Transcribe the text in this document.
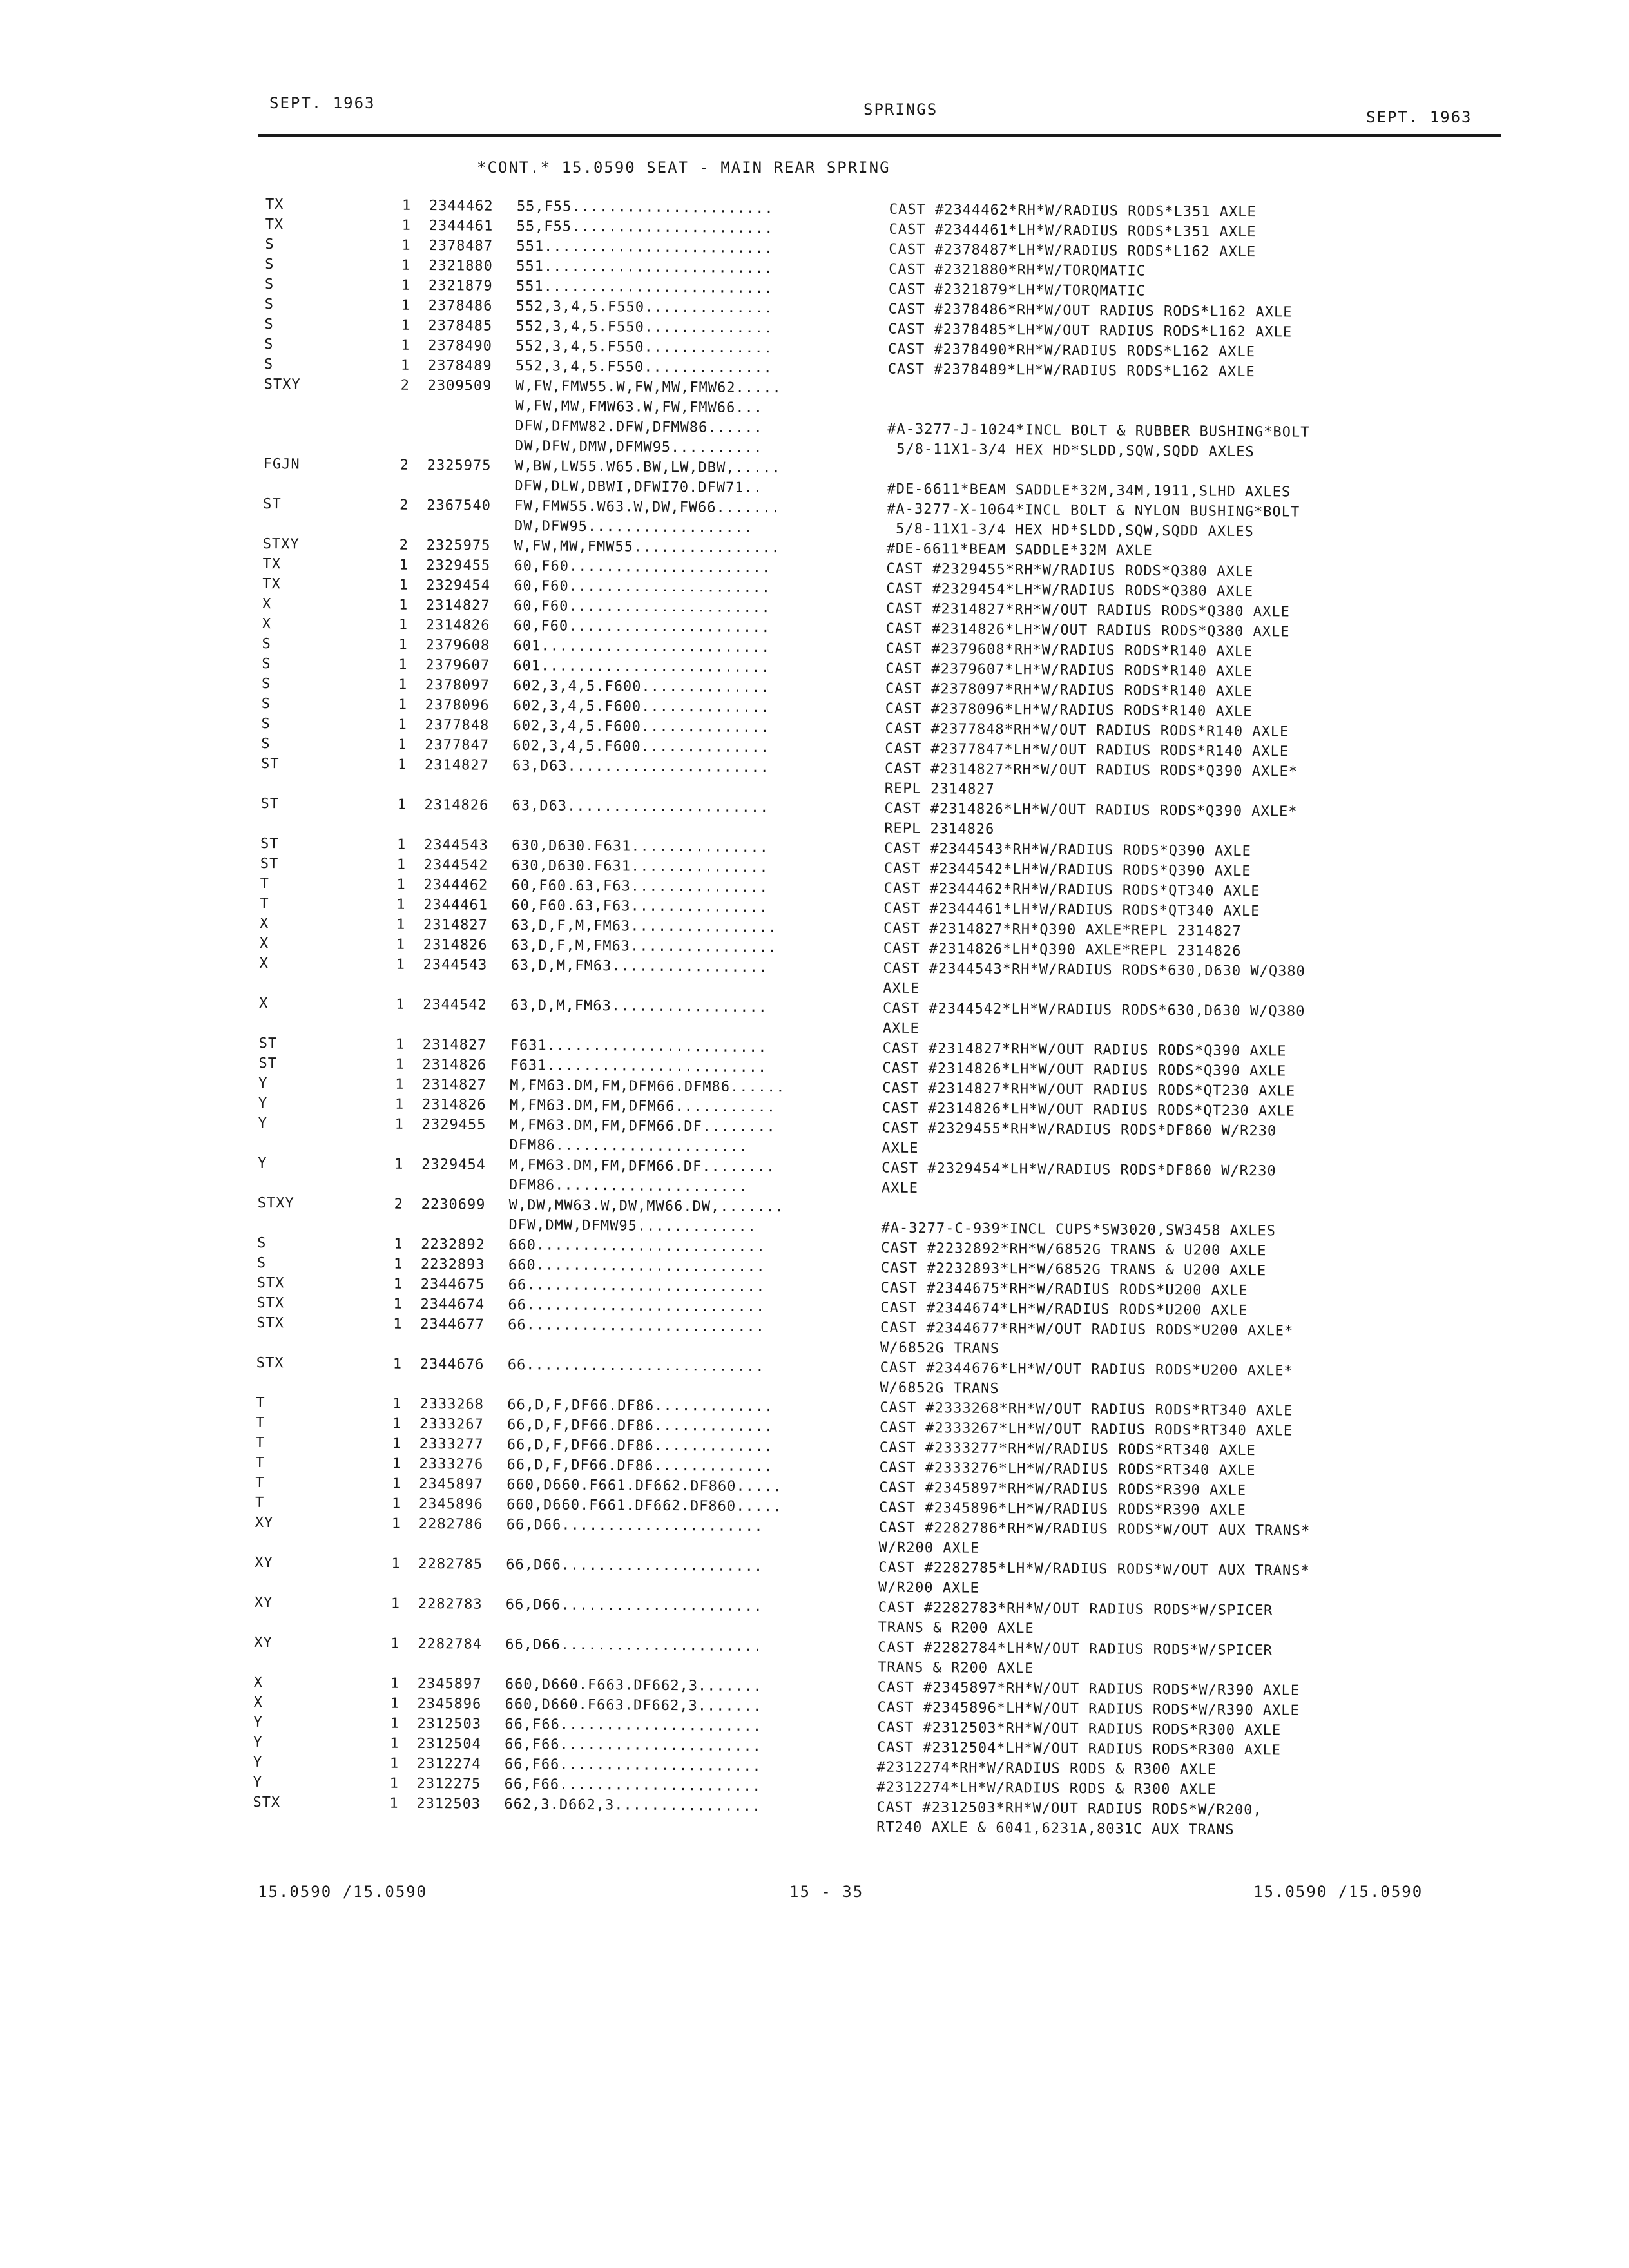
SEPT. 1963	SPRINGS	SEPT. 1963
*CONT.* 15.0590 SEAT - MAIN REAR SPRING
TX	1 2344462 55,F55......................	CAST #2344462*RH*W/RADIUS RODS*L351 AXLE
TX	1 2344461 55,F55......................	CAST #2344461*LH*W/RADIUS RODS*L351 AXLE
S	1 2378487 551.........................	CAST #2378487*LH*W/RADIUS RODS*L162 AXLE
S	1 2321880 551.........................	CAST #2321880*RH*W/TORQMATIC
S	1 2321879 551.........................	CAST #2321879*LH*W/TORQMATIC
S	1 2378486 552,3,4,5.F550..............	CAST #2378486*RH*W/OUT RADIUS RODS*L162 AXLE
S	1 2378485 552,3,4,5.F550..............	CAST #2378485*LH*W/OUT RADIUS RODS*L162 AXLE
S	1 2378490 552,3,4,5.F550..............	CAST #2378490*RH*W/RADIUS RODS*L162 AXLE
S	1 2378489 552,3,4,5.F550..............	CAST #2378489*LH*W/RADIUS RODS*L162 AXLE
STXY	2 2309509 W,FW,FMW55.W,FW,MW,FMW62.....
W,FW,MW,FMW63.W,FW,FMW66...
DFW,DFMW82.DFW,DFMW86......	#A-3277-J-1024*INCL BOLT & RUBBER BUSHING*BOLT
DW,DFW,DMW,DFMW95..........	5/8-11X1-3/4 HEX HD*SLDD,SQW,SQDD AXLES
FGJN	2 2325975 W,BW,LW55.W65.BW,LW,DBW,.....
DFW,DLW,DBWI,DFWI70.DFW71..	#DE-6611*BEAM SADDLE*32M,34M,1911,SLHD AXLES
ST	2 2367540 FW,FMW55.W63.W,DW,FW66.......	#A-3277-X-1064*INCL BOLT & NYLON BUSHING*BOLT
DW,DFW95..................	5/8-11X1-3/4 HEX HD*SLDD,SQW,SQDD AXLES
STXY	2 2325975 W,FW,MW,FMW55................	#DE-6611*BEAM SADDLE*32M AXLE
TX	1 2329455 60,F60......................	CAST #2329455*RH*W/RADIUS RODS*Q380 AXLE
TX	1 2329454 60,F60......................	CAST #2329454*LH*W/RADIUS RODS*Q380 AXLE
X	1 2314827 60,F60......................	CAST #2314827*RH*W/OUT RADIUS RODS*Q380 AXLE
X	1 2314826 60,F60......................	CAST #2314826*LH*W/OUT RADIUS RODS*Q380 AXLE
S	1 2379608 601.........................	CAST #2379608*RH*W/RADIUS RODS*R140 AXLE
S	1 2379607 601.........................	CAST #2379607*LH*W/RADIUS RODS*R140 AXLE
S	1 2378097 602,3,4,5.F600..............	CAST #2378097*RH*W/RADIUS RODS*R140 AXLE
S	1 2378096 602,3,4,5.F600..............	CAST #2378096*LH*W/RADIUS RODS*R140 AXLE
S	1 2377848 602,3,4,5.F600..............	CAST #2377848*RH*W/OUT RADIUS RODS*R140 AXLE
S	1 2377847 602,3,4,5.F600..............	CAST #2377847*LH*W/OUT RADIUS RODS*R140 AXLE
ST	1 2314827 63,D63......................	CAST #2314827*RH*W/OUT RADIUS RODS*Q390 AXLE*
REPL 2314827
ST	1 2314826 63,D63......................	CAST #2314826*LH*W/OUT RADIUS RODS*Q390 AXLE*
REPL 2314826
ST	1 2344543 630,D630.F631...............	CAST #2344543*RH*W/RADIUS RODS*Q390 AXLE
ST	1 2344542 630,D630.F631...............	CAST #2344542*LH*W/RADIUS RODS*Q390 AXLE
T	1 2344462 60,F60.63,F63...............	CAST #2344462*RH*W/RADIUS RODS*QT340 AXLE
T	1 2344461 60,F60.63,F63...............	CAST #2344461*LH*W/RADIUS RODS*QT340 AXLE
X	1 2314827 63,D,F,M,FM63................	CAST #2314827*RH*Q390 AXLE*REPL 2314827
X	1 2314826 63,D,F,M,FM63................	CAST #2314826*LH*Q390 AXLE*REPL 2314826
X	1 2344543 63,D,M,FM63.................	CAST #2344543*RH*W/RADIUS RODS*630,D630 W/Q380
AXLE
X	1 2344542 63,D,M,FM63.................	CAST #2344542*LH*W/RADIUS RODS*630,D630 W/Q380
AXLE
ST	1 2314827 F631........................	CAST #2314827*RH*W/OUT RADIUS RODS*Q390 AXLE
ST	1 2314826 F631........................	CAST #2314826*LH*W/OUT RADIUS RODS*Q390 AXLE
Y	1 2314827 M,FM63.DM,FM,DFM66.DFM86......	CAST #2314827*RH*W/OUT RADIUS RODS*QT230 AXLE
Y	1 2314826 M,FM63.DM,FM,DFM66...........	CAST #2314826*LH*W/OUT RADIUS RODS*QT230 AXLE
Y	1 2329455 M,FM63.DM,FM,DFM66.DF........	CAST #2329455*RH*W/RADIUS RODS*DF860 W/R230
DFM86.....................	AXLE
Y	1 2329454 M,FM63.DM,FM,DFM66.DF........	CAST #2329454*LH*W/RADIUS RODS*DF860 W/R230
DFM86.....................	AXLE
STXY	2 2230699 W,DW,MW63.W,DW,MW66.DW,.......
DFW,DMW,DFMW95.............	#A-3277-C-939*INCL CUPS*SW3020,SW3458 AXLES
S	1 2232892 660.........................	CAST #2232892*RH*W/6852G TRANS & U200 AXLE
S	1 2232893 660.........................	CAST #2232893*LH*W/6852G TRANS & U200 AXLE
STX	1 2344675 66..........................	CAST #2344675*RH*W/RADIUS RODS*U200 AXLE
STX	1 2344674 66..........................	CAST #2344674*LH*W/RADIUS RODS*U200 AXLE
STX	1 2344677 66..........................	CAST #2344677*RH*W/OUT RADIUS RODS*U200 AXLE*
W/6852G TRANS
STX	1 2344676 66..........................	CAST #2344676*LH*W/OUT RADIUS RODS*U200 AXLE*
W/6852G TRANS
T	1 2333268 66,D,F,DF66.DF86.............	CAST #2333268*RH*W/OUT RADIUS RODS*RT340 AXLE
T	1 2333267 66,D,F,DF66.DF86.............	CAST #2333267*LH*W/OUT RADIUS RODS*RT340 AXLE
T	1 2333277 66,D,F,DF66.DF86.............	CAST #2333277*RH*W/RADIUS RODS*RT340 AXLE
T	1 2333276 66,D,F,DF66.DF86.............	CAST #2333276*LH*W/RADIUS RODS*RT340 AXLE
T	1 2345897 660,D660.F661.DF662.DF860.....	CAST #2345897*RH*W/RADIUS RODS*R390 AXLE
T	1 2345896 660,D660.F661.DF662.DF860.....	CAST #2345896*LH*W/RADIUS RODS*R390 AXLE
XY	1 2282786 66,D66......................	CAST #2282786*RH*W/RADIUS RODS*W/OUT AUX TRANS*
W/R200 AXLE
XY	1 2282785 66,D66......................	CAST #2282785*LH*W/RADIUS RODS*W/OUT AUX TRANS*
W/R200 AXLE
XY	1 2282783 66,D66......................	CAST #2282783*RH*W/OUT RADIUS RODS*W/SPICER
TRANS & R200 AXLE
XY	1 2282784 66,D66......................	CAST #2282784*LH*W/OUT RADIUS RODS*W/SPICER
TRANS & R200 AXLE
X	1 2345897 660,D660.F663.DF662,3.......	CAST #2345897*RH*W/OUT RADIUS RODS*W/R390 AXLE
X	1 2345896 660,D660.F663.DF662,3.......	CAST #2345896*LH*W/OUT RADIUS RODS*W/R390 AXLE
Y	1 2312503 66,F66......................	CAST #2312503*RH*W/OUT RADIUS RODS*R300 AXLE
Y	1 2312504 66,F66......................	CAST #2312504*LH*W/OUT RADIUS RODS*R300 AXLE
Y	1 2312274 66,F66......................	#2312274*RH*W/RADIUS RODS & R300 AXLE
Y	1 2312275 66,F66......................	#2312274*LH*W/RADIUS RODS & R300 AXLE
STX	1 2312503 662,3.D662,3................	CAST #2312503*RH*W/OUT RADIUS RODS*W/R200,
RT240 AXLE & 6041,6231A,8031C AUX TRANS
15.0590 /15.0590	15 - 35	15.0590 /15.0590
